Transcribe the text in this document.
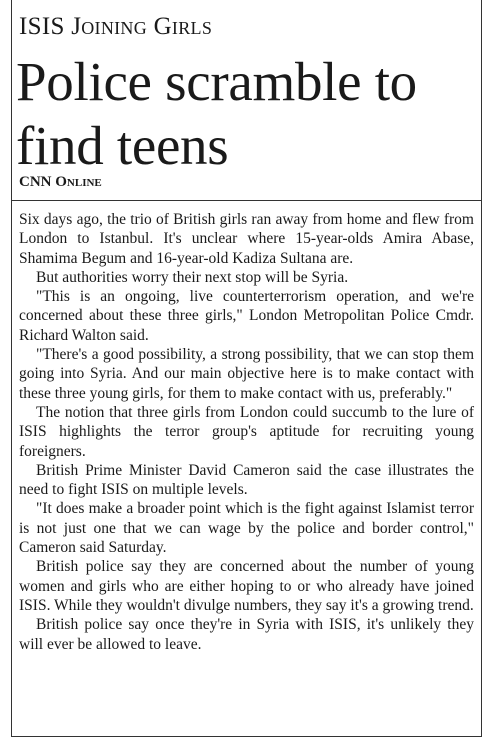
ISIS Joining Girls
Police scramble to find teens
CNN Online

Six days ago, the trio of British girls ran away from home and flew from London to Istanbul. It's unclear where 15-year-olds Amira Abase, Shamima Begum and 16-year-old Kadiza Sultana are.

But authorities worry their next stop will be Syria.

"This is an ongoing, live counterterrorism operation, and we're concerned about these three girls," London Metropolitan Police Cmdr. Richard Walton said.

"There's a good possibility, a strong possibility, that we can stop them going into Syria. And our main objective here is to make contact with these three young girls, for them to make contact with us, preferably."

The notion that three girls from London could succumb to the lure of ISIS highlights the terror group's aptitude for recruiting young foreigners.

British Prime Minister David Cameron said the case illustrates the need to fight ISIS on multiple levels.

"It does make a broader point which is the fight against Islamist terror is not just one that we can wage by the police and border control," Cameron said Saturday.

British police say they are concerned about the number of young women and girls who are either hoping to or who already have joined ISIS. While they wouldn't divulge numbers, they say it's a growing trend.

British police say once they're in Syria with ISIS, it's unlikely they will ever be allowed to leave.
